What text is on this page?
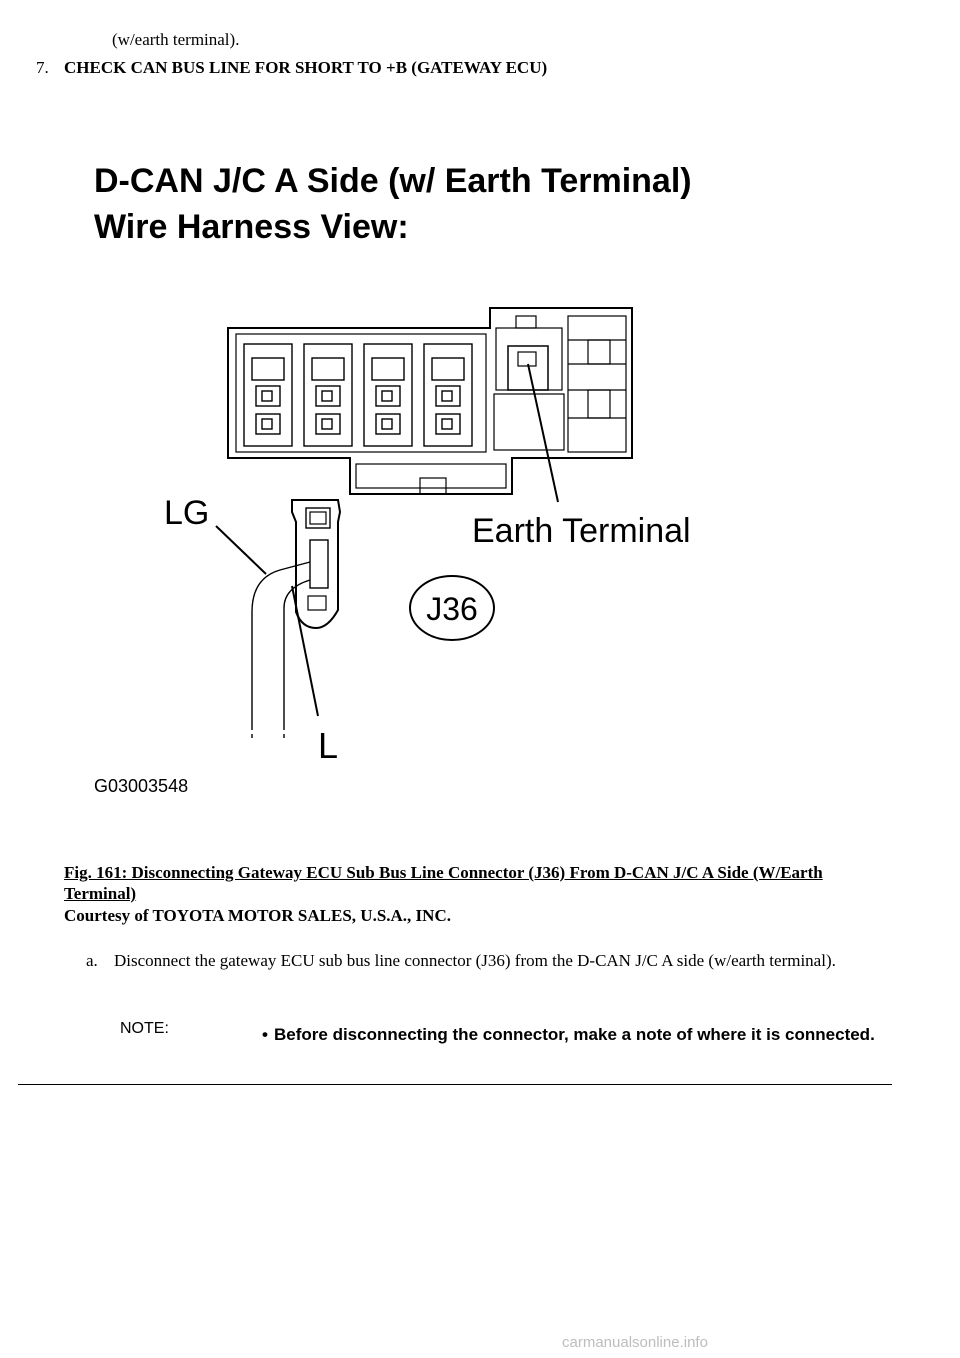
(w/earth terminal).
7. CHECK CAN BUS LINE FOR SHORT TO +B (GATEWAY ECU)
D-CAN J/C A Side (w/ Earth Terminal)
Wire Harness View:
LG	Earth Terminal
J36
L
G03003548
Fig. 161: Disconnecting Gateway ECU Sub Bus Line Connector (J36) From D-CAN J/C A Side (W/Earth Terminal)
Courtesy of TOYOTA MOTOR SALES, U.S.A., INC.
a. Disconnect the gateway ECU sub bus line connector (J36) from the D-CAN J/C A side (w/earth terminal).
NOTE:	• Before disconnecting the connector, make a note of where it is connected.
carmanualsonline.info
